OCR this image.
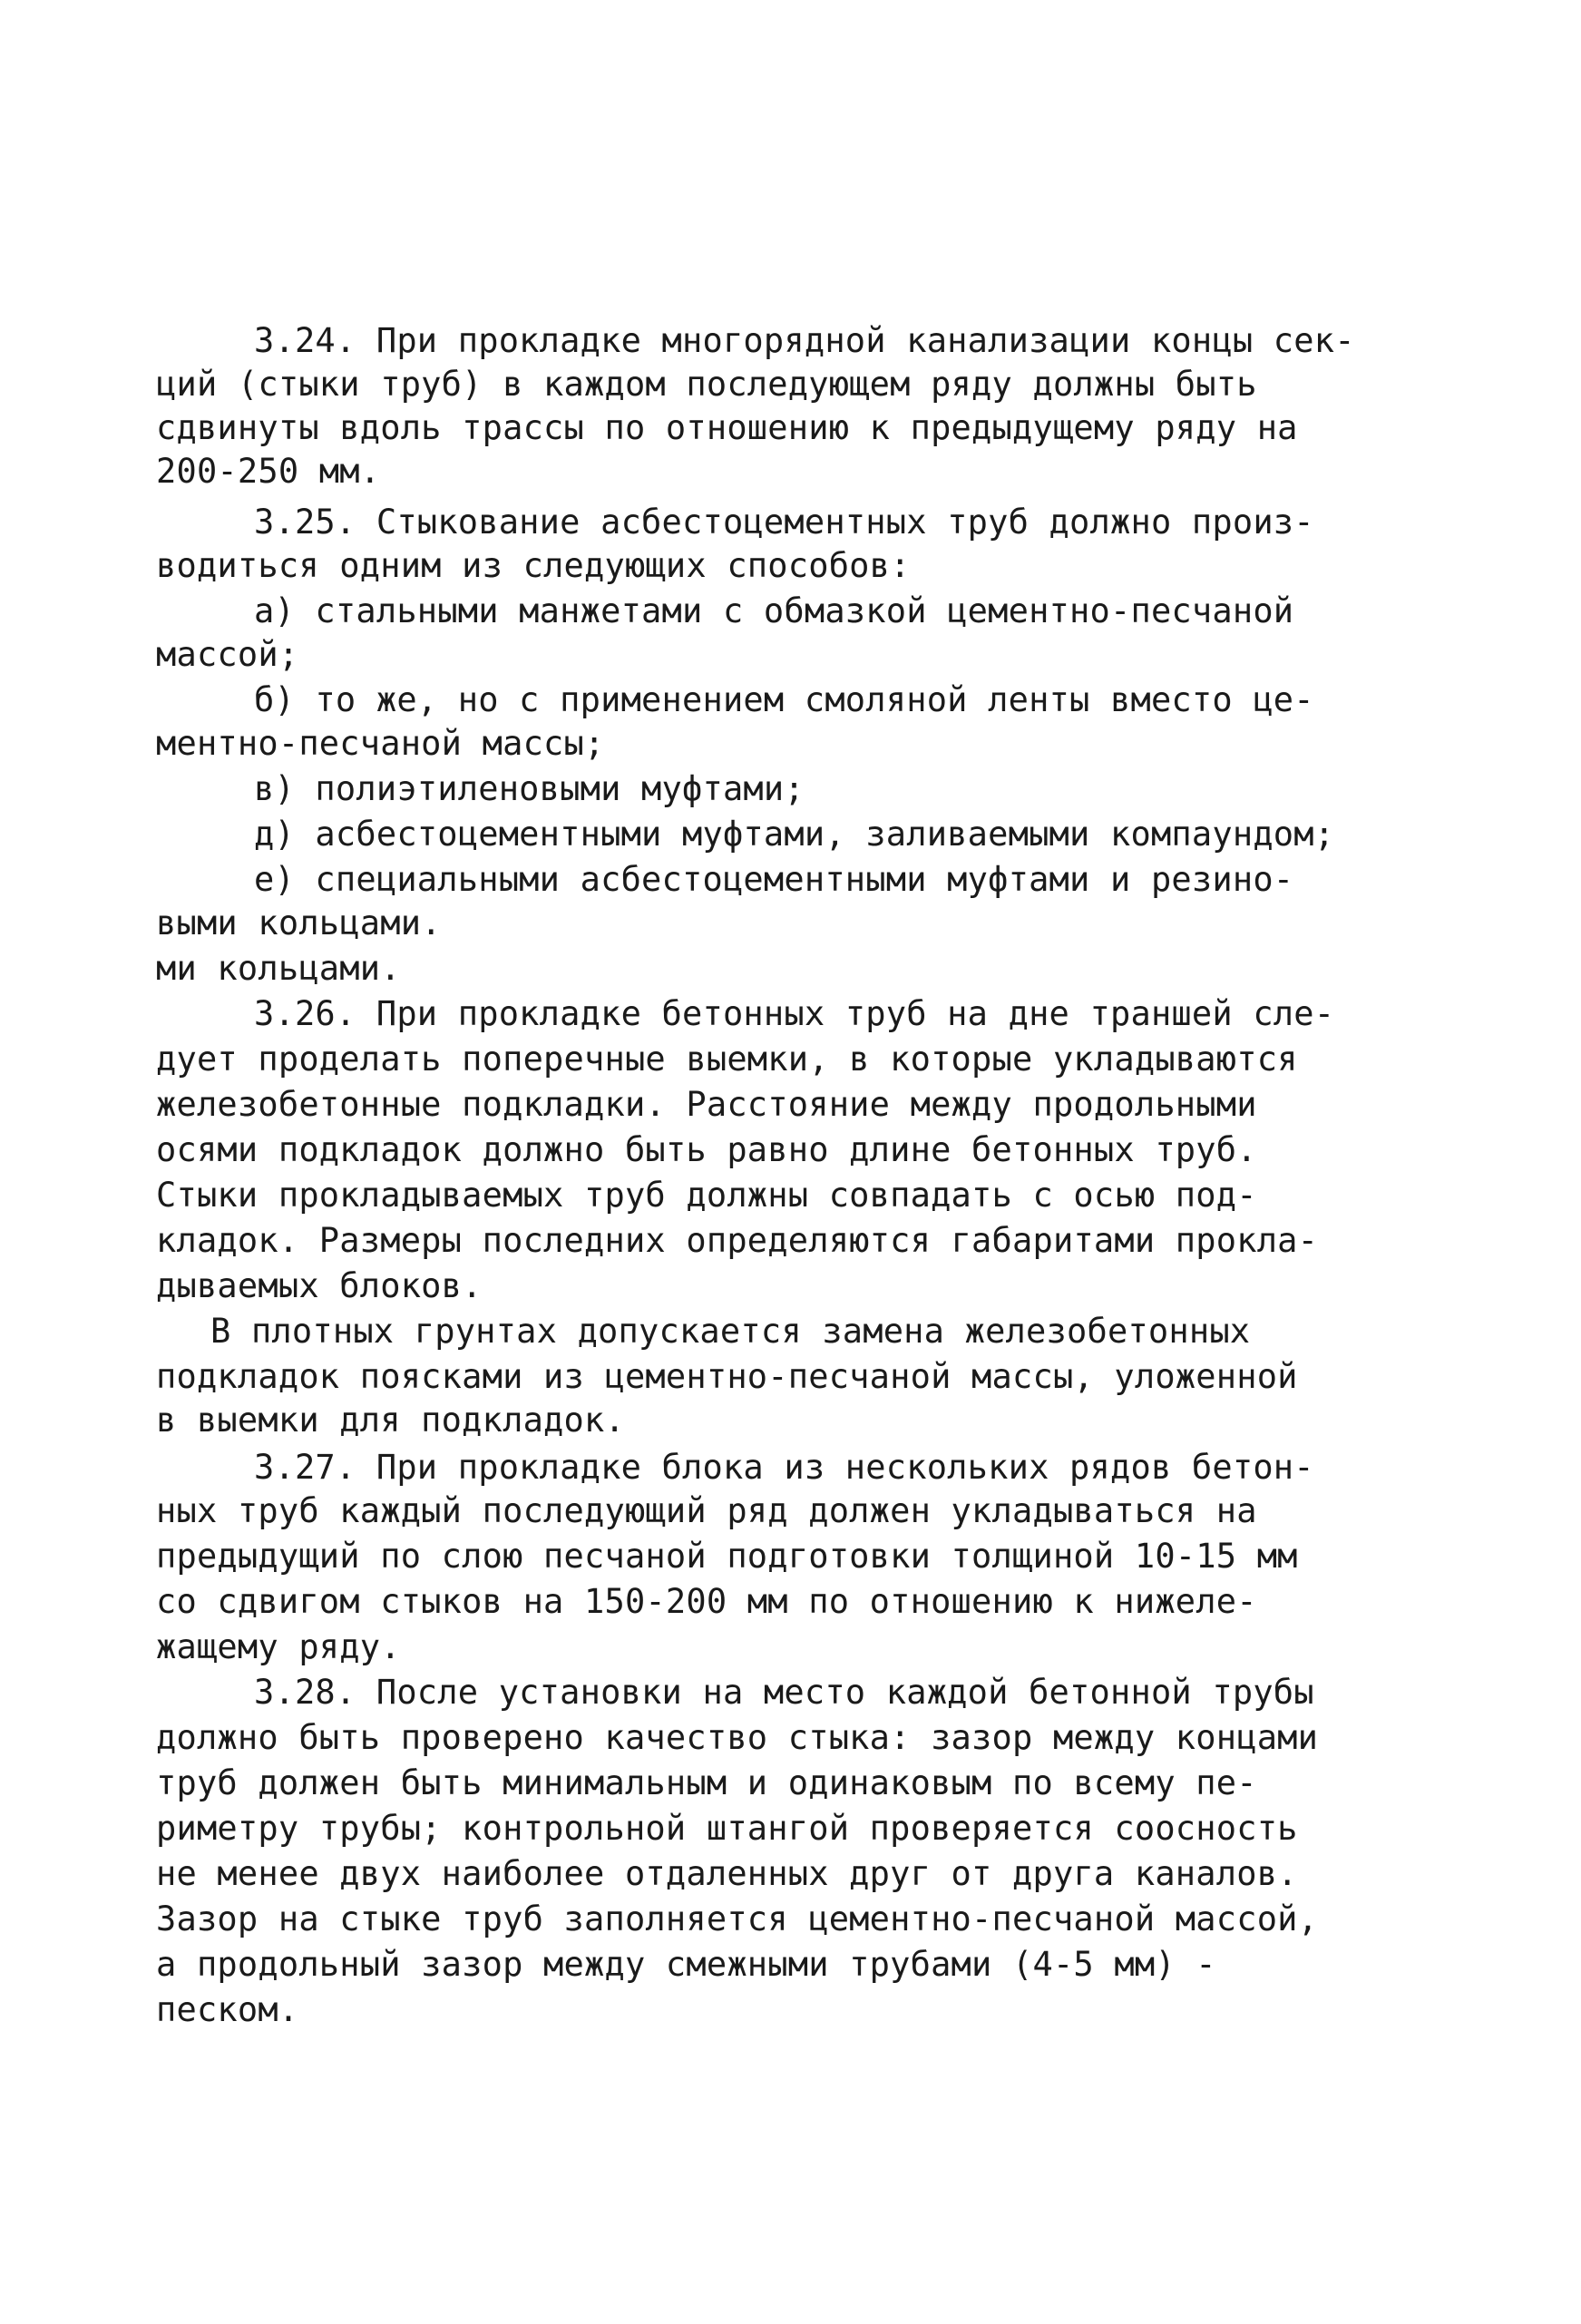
3.24. При прокладке многорядной канализации концы сек-
ций (стыки труб) в каждом последующем ряду должны быть
сдвинуты вдоль трассы по отношению к предыдущему ряду на
200-250 мм.
3.25. Стыкование асбестоцементных труб должно произ-
водиться одним из следующих способов:
а) стальными манжетами с обмазкой цементно-песчаной
массой;
б) то же, но с применением смоляной ленты вместо це-
ментно-песчаной массы;
в) полиэтиленовыми муфтами;
д) асбестоцементными муфтами, заливаемыми компаундом;
е) специальными асбестоцементными муфтами и резино-
выми кольцами.
ми кольцами.
3.26. При прокладке бетонных труб на дне траншей сле-
дует проделать поперечные выемки, в которые укладываются
железобетонные подкладки. Расстояние между продольными
осями подкладок должно быть равно длине бетонных труб.
Стыки прокладываемых труб должны совпадать с осью под-
кладок. Размеры последних определяются габаритами прокла-
дываемых блоков.
В плотных грунтах допускается замена железобетонных
подкладок поясками из цементно-песчаной массы, уложенной
в выемки для подкладок.
3.27. При прокладке блока из нескольких рядов бетон-
ных труб каждый последующий ряд должен укладываться на
предыдущий по слою песчаной подготовки толщиной 10-15 мм
со сдвигом стыков на 150-200 мм по отношению к нижеле-
жащему ряду.
3.28. После установки на место каждой бетонной трубы
должно быть проверено качество стыка: зазор между концами
труб должен быть минимальным и одинаковым по всему пе-
риметру трубы; контрольной штангой проверяется соосность
не менее двух наиболее отдаленных друг от друга каналов.
Зазор на стыке труб заполняется цементно-песчаной массой,
а продольный зазор между смежными трубами (4-5 мм) -
песком.
